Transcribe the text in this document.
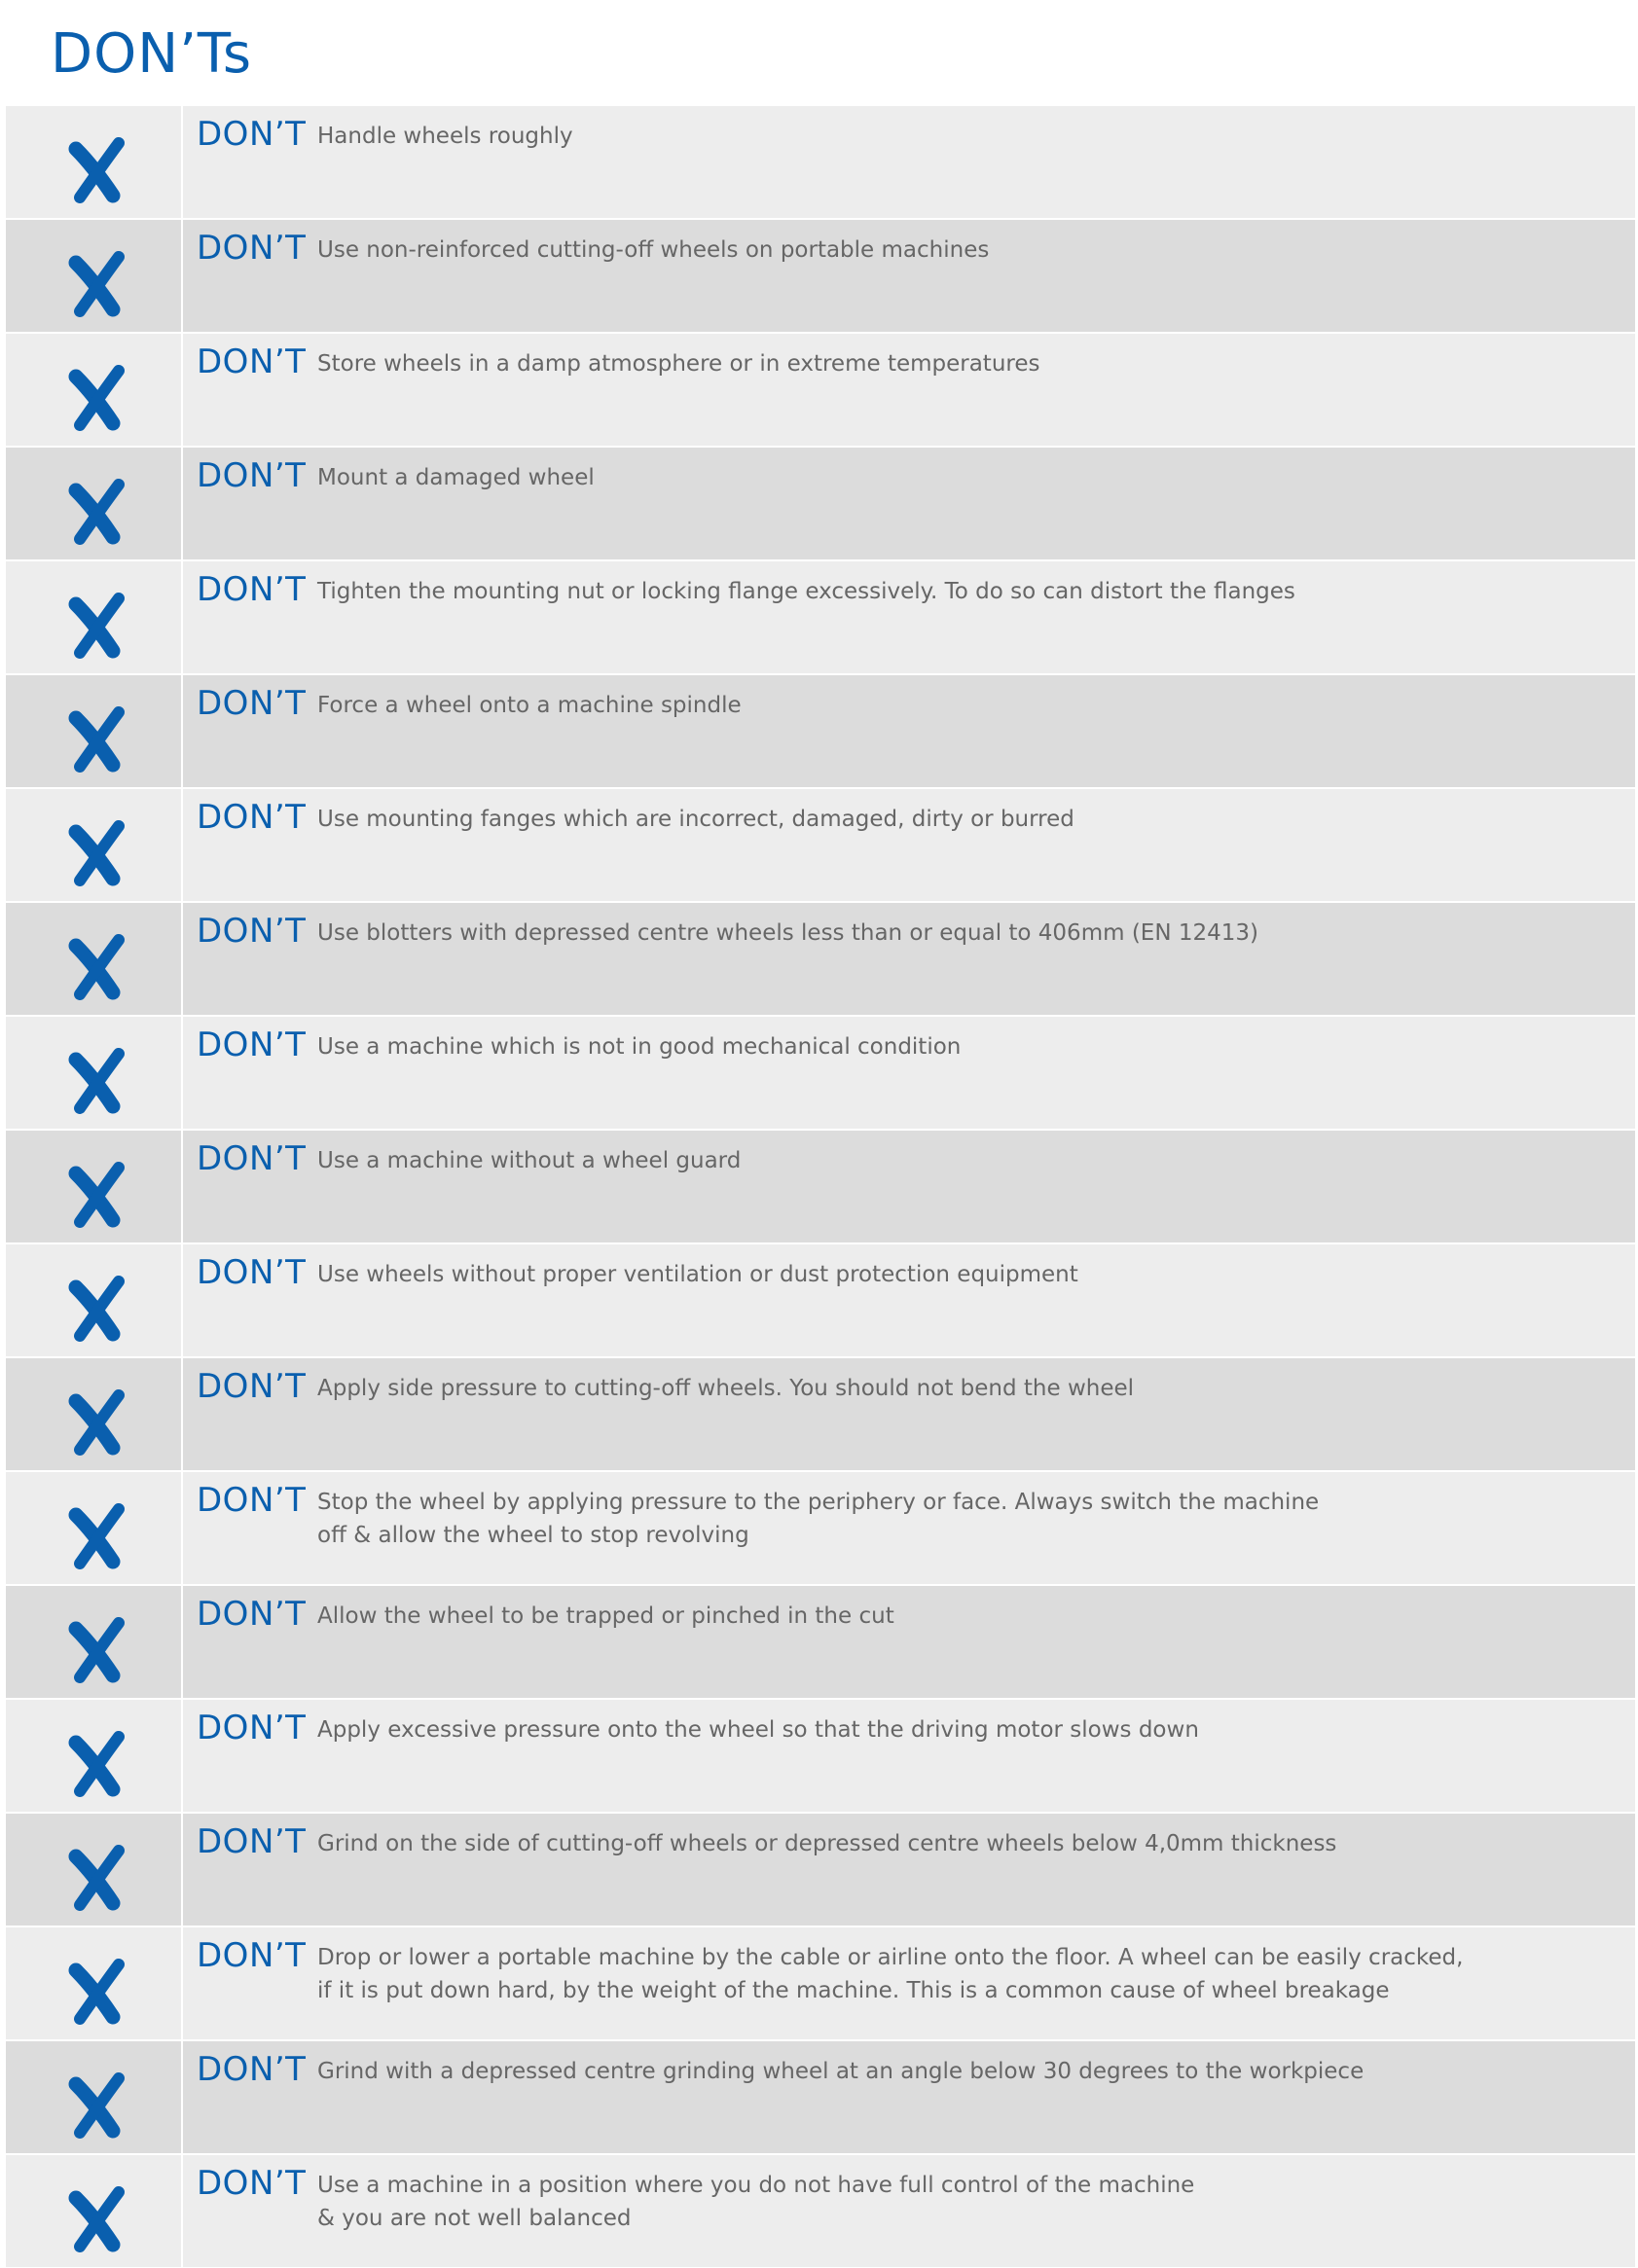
DON’Ts
DON’T Handle wheels roughly
DON’T Use non-reinforced cutting-off wheels on portable machines
DON’T Store wheels in a damp atmosphere or in extreme temperatures
DON’T Mount a damaged wheel
DON’T Tighten the mounting nut or locking ﬂange excessively. To do so can distort the flanges
DON’T Force a wheel onto a machine spindle
DON’T Use mounting fanges which are incorrect, damaged, dirty or burred
DON’T Use blotters with depressed centre wheels less than or equal to 406mm (EN 12413)
DON’T Use a machine which is not in good mechanical condition
DON’T Use a machine without a wheel guard
DON’T Use wheels without proper ventilation or dust protection equipment
DON’T Apply side pressure to cutting-off wheels. You should not bend the wheel
DON’T Stop the wheel by applying pressure to the periphery or face. Always switch the machine
off & allow the wheel to stop revolving
DON’T Allow the wheel to be trapped or pinched in the cut
DON’T Apply excessive pressure onto the wheel so that the driving motor slows down
DON’T Grind on the side of cutting-off wheels or depressed centre wheels below 4,0mm thickness
DON’T Drop or lower a portable machine by the cable or airline onto the ﬂoor. A wheel can be easily cracked,
if it is put down hard, by the weight of the machine. This is a common cause of wheel breakage
DON’T Grind with a depressed centre grinding wheel at an angle below 30 degrees to the workpiece
DON’T Use a machine in a position where you do not have full control of the machine
& you are not well balanced
